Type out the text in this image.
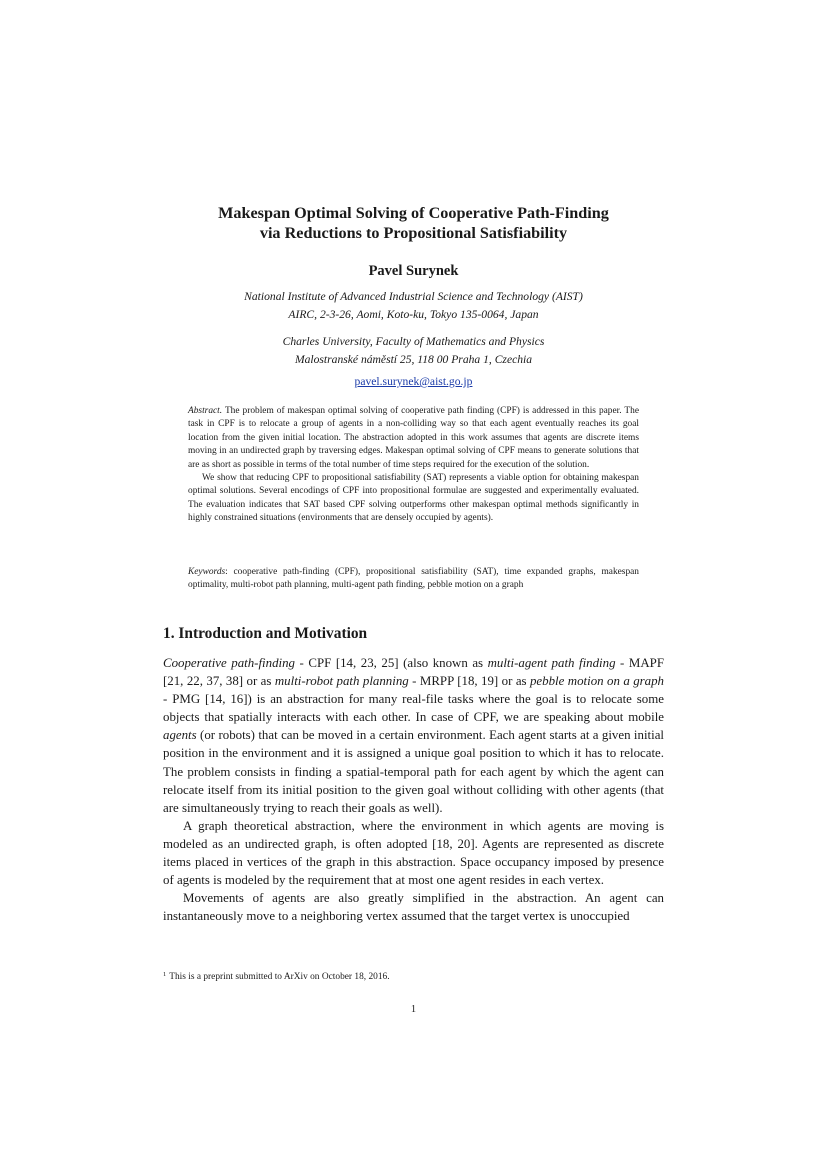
Makespan Optimal Solving of Cooperative Path-Finding
via Reductions to Propositional Satisfiability
Pavel Surynek
National Institute of Advanced Industrial Science and Technology (AIST)
AIRC, 2-3-26, Aomi, Koto-ku, Tokyo 135-0064, Japan
Charles University, Faculty of Mathematics and Physics
Malostranské náměstí 25, 118 00 Praha 1, Czechia
pavel.surynek@aist.go.jp

Abstract. The problem of makespan optimal solving of cooperative path finding (CPF) is addressed in this paper. The task in CPF is to relocate a group of agents in a non-colliding way so that each agent eventually reaches its goal location from the given initial location. The abstraction adopted in this work assumes that agents are discrete items moving in an undirected graph by traversing edges. Makespan optimal solving of CPF means to generate solutions that are as short as possible in terms of the total number of time steps required for the execution of the solution.

We show that reducing CPF to propositional satisfiability (SAT) represents a viable option for obtaining makespan optimal solutions. Several encodings of CPF into propositional formulae are suggested and experimentally evaluated. The evaluation indicates that SAT based CPF solving outperforms other makespan optimal methods significantly in highly constrained situations (environments that are densely occupied by agents).

Keywords: cooperative path-finding (CPF), propositional satisfiability (SAT), time expanded graphs, makespan optimality, multi-robot path planning, multi-agent path finding, pebble motion on a graph
1. Introduction and Motivation

Cooperative path-finding - CPF [14, 23, 25] (also known as multi-agent path finding - MAPF [21, 22, 37, 38] or as multi-robot path planning - MRPP [18, 19] or as pebble motion on a graph - PMG [14, 16]) is an abstraction for many real-file tasks where the goal is to relocate some objects that spatially interacts with each other. In case of CPF, we are speaking about mobile agents (or robots) that can be moved in a certain environment. Each agent starts at a given initial position in the environment and it is assigned a unique goal position to which it has to relocate. The problem consists in finding a spatial-temporal path for each agent by which the agent can relocate itself from its initial position to the given goal without colliding with other agents (that are simultaneously trying to reach their goals as well).

A graph theoretical abstraction, where the environment in which agents are moving is modeled as an undirected graph, is often adopted [18, 20]. Agents are represented as discrete items placed in vertices of the graph in this abstraction. Space occupancy imposed by presence of agents is modeled by the requirement that at most one agent resides in each vertex.

Movements of agents are also greatly simplified in the abstraction. An agent can instantaneously move to a neighboring vertex assumed that the target vertex is unoccupied

$^1$ This is a preprint submitted to ArXiv on October 18, 2016.
1
